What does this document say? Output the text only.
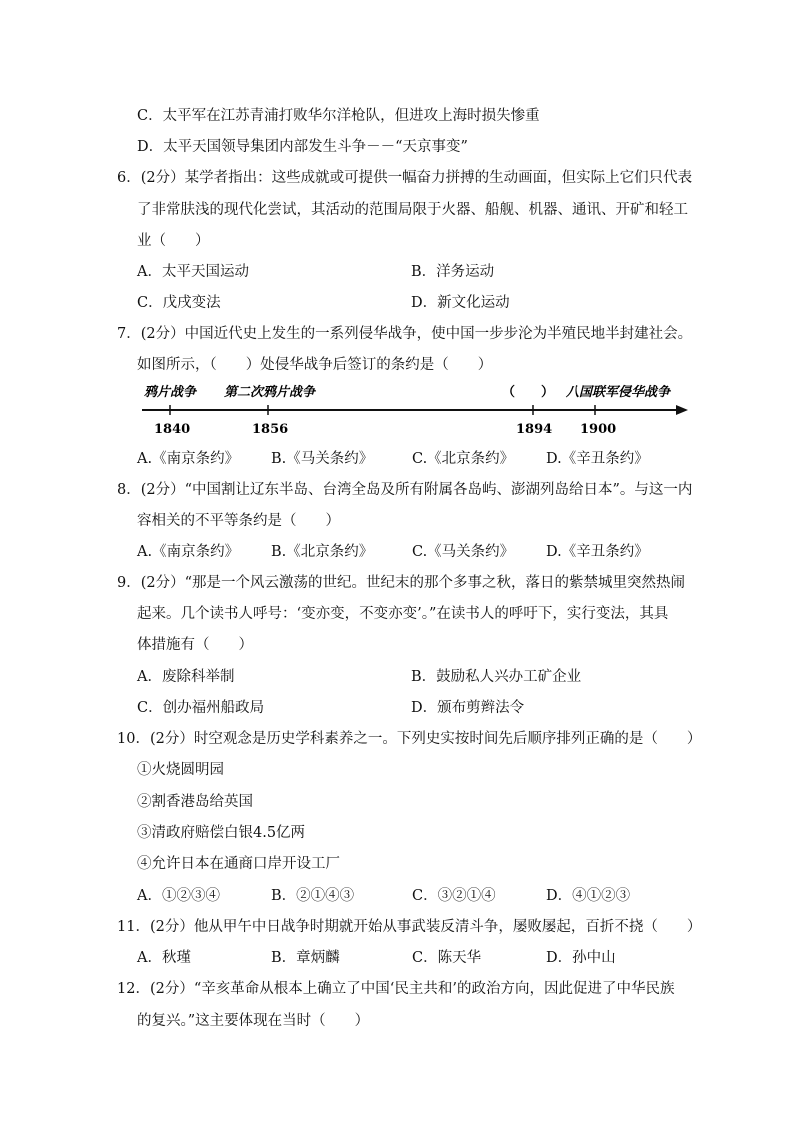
C．太平军在江苏青浦打败华尔洋枪队，但进攻上海时损失惨重
D．太平天国领导集团内部发生斗争－－“天京事变”
6．(2分）某学者指出：这些成就或可提供一幅奋力拼搏的生动画面，但实际上它们只代表
了非常肤浅的现代化尝试，其活动的范围局限于火器、船舰、机器、通讯、开矿和轻工
业（　　）
A．太平天国运动	B．洋务运动
C．戊戌变法	D．新文化运动
7．(2分）中国近代史上发生的一系列侵华战争，使中国一步步沦为半殖民地半封建社会。
如图所示，（　　）处侵华战争后签订的条约是（　　）
鸦片战争 第二次鸦片战争	（　　） 八国联军侵华战争
1840	1856	1894 1900
A.《南京条约》 B.《马关条约》	C.《北京条约》 D.《辛丑条约》
8．(2分）“中国割让辽东半岛、台湾全岛及所有附属各岛屿、澎湖列岛给日本”。与这一内
容相关的不平等条约是（　　）
A.《南京条约》 B.《北京条约》	C.《马关条约》 D.《辛丑条约》
9．(2分）“那是一个风云激荡的世纪。世纪末的那个多事之秋，落日的紫禁城里突然热闹
起来。几个读书人呼号：‘变亦变，不变亦变’。”在读书人的呼吁下，实行变法，其具
体措施有（　　）
A．废除科举制	B．鼓励私人兴办工矿企业
C．创办福州船政局	D．颁布剪辫法令
10．(2分）时空观念是历史学科素养之一。下列史实按时间先后顺序排列正确的是（　　）
①火烧圆明园
②割香港岛给英国
③清政府赔偿白银4.5亿两
④允许日本在通商口岸开设工厂
A．①②③④	B．②①④③	C．③②①④	D．④①②③
11．(2分）他从甲午中日战争时期就开始从事武装反清斗争，屡败屡起，百折不挠（　　）
A．秋瑾	B．章炳麟	C．陈天华	D．孙中山
12．(2分）“辛亥革命从根本上确立了中国‘民主共和’的政治方向，因此促进了中华民族
的复兴。”这主要体现在当时（　　）
